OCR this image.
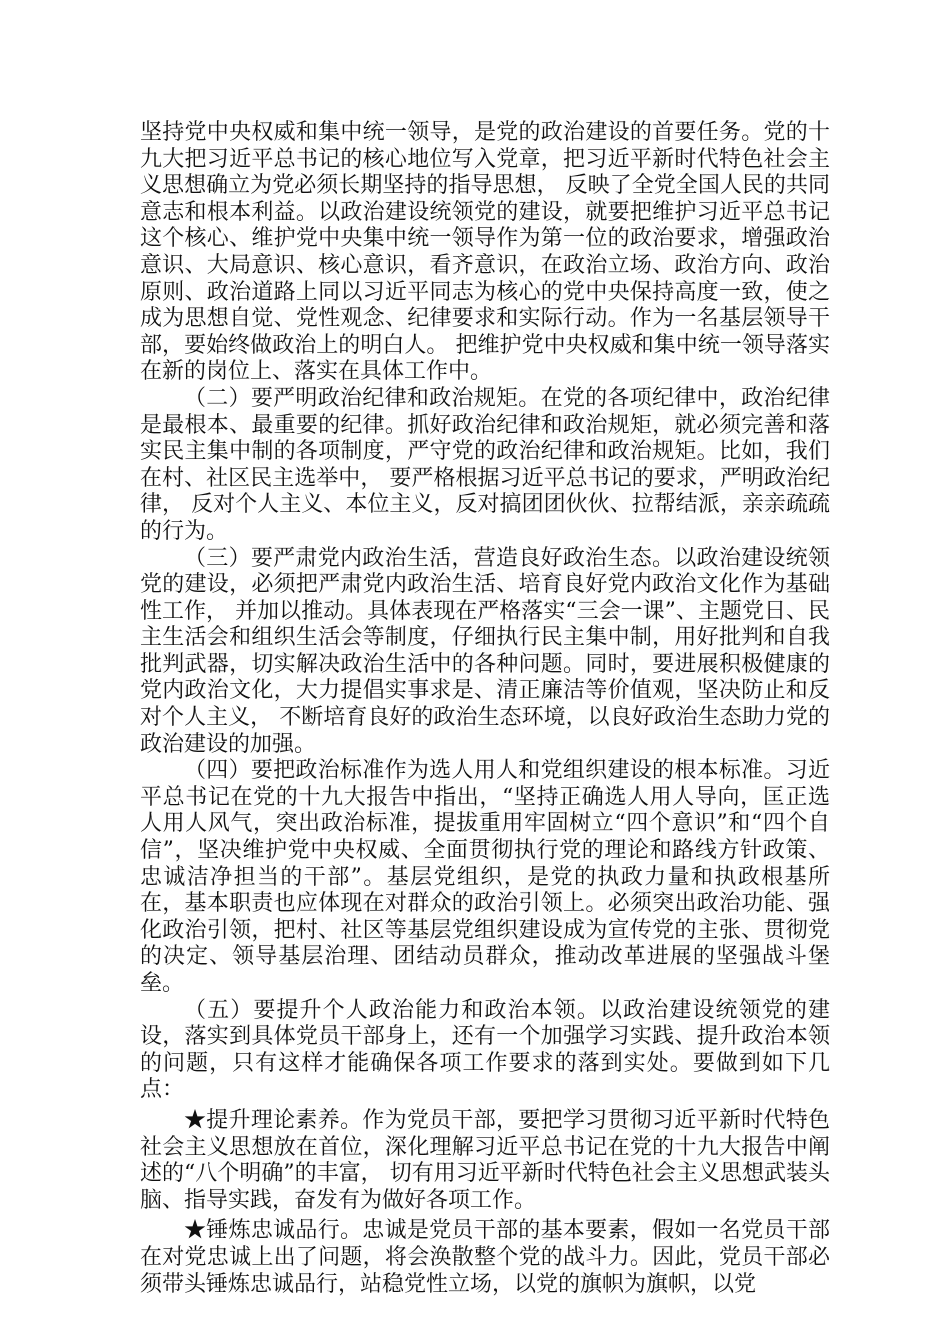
坚持党中央权威和集中统一领导，是党的政治建设的首要任务。党的十九大把习近平总书记的核心地位写入党章，把习近平新时代特色社会主义思想确立为党必须长期坚持的指导思想， 反映了全党全国人民的共同意志和根本利益。以政治建设统领党的建设，就要把维护习近平总书记这个核心、维护党中央集中统一领导作为第一位的政治要求，增强政治意识、大局意识、核心意识，看齐意识，在政治立场、政治方向、政治原则、政治道路上同以习近平同志为核心的党中央保持高度一致，使之成为思想自觉、党性观念、纪律要求和实际行动。作为一名基层领导干部，要始终做政治上的明白人。 把维护党中央权威和集中统一领导落实在新的岗位上、落实在具体工作中。

（二）要严明政治纪律和政治规矩。在党的各项纪律中，政治纪律是最根本、最重要的纪律。抓好政治纪律和政治规矩，就必须完善和落实民主集中制的各项制度，严守党的政治纪律和政治规矩。比如，我们在村、社区民主选举中， 要严格根据习近平总书记的要求，严明政治纪律， 反对个人主义、本位主义，反对搞团团伙伙、拉帮结派，亲亲疏疏的行为。

（三）要严肃党内政治生活，营造良好政治生态。以政治建设统领党的建设，必须把严肃党内政治生活、培育良好党内政治文化作为基础性工作， 并加以推动。具体表现在严格落实“三会一课”、主题党日、民主生活会和组织生活会等制度，仔细执行民主集中制，用好批判和自我批判武器，切实解决政治生活中的各种问题。同时，要进展积极健康的党内政治文化，大力提倡实事求是、清正廉洁等价值观，坚决防止和反对个人主义， 不断培育良好的政治生态环境，以良好政治生态助力党的政治建设的加强。

（四）要把政治标准作为选人用人和党组织建设的根本标准。习近平总书记在党的十九大报告中指出，“坚持正确选人用人导向，匡正选人用人风气，突出政治标准，提拔重用牢固树立“四个意识”和“四个自信”，坚决维护党中央权威、全面贯彻执行党的理论和路线方针政策、忠诚洁净担当的干部”。基层党组织，是党的执政力量和执政根基所在，基本职责也应体现在对群众的政治引领上。必须突出政治功能、强化政治引领，把村、社区等基层党组织建设成为宣传党的主张、贯彻党的决定、领导基层治理、团结动员群众，推动改革进展的坚强战斗堡垒。

（五）要提升个人政治能力和政治本领。以政治建设统领党的建设，落实到具体党员干部身上，还有一个加强学习实践、提升政治本领的问题，只有这样才能确保各项工作要求的落到实处。要做到如下几点：

★提升理论素养。作为党员干部，要把学习贯彻习近平新时代特色社会主义思想放在首位，深化理解习近平总书记在党的十九大报告中阐述的“八个明确”的丰富， 切有用习近平新时代特色社会主义思想武装头脑、指导实践，奋发有为做好各项工作。

★锤炼忠诚品行。忠诚是党员干部的基本要素，假如一名党员干部在对党忠诚上出了问题，将会涣散整个党的战斗力。因此，党员干部必须带头锤炼忠诚品行，站稳党性立场，以党的旗帜为旗帜，以党
